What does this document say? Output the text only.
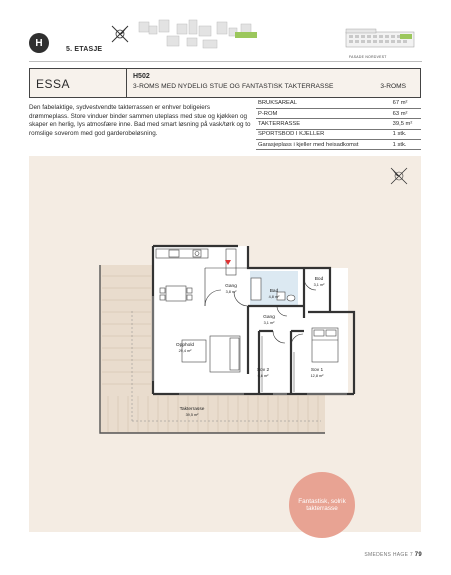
H
5. ETASJE
FASADE NORDVEST
ESSA
H502
3-ROMS MED NYDELIG STUE OG FANTASTISK TAKTERRASSE	3-ROMS

Den fabelaktige, sydvestvendte takterrassen er enhver boligeiers drømmeplass. Store vinduer binder sammen uteplass med stue og kjøkken og skaper en herlig, lys atmosfære inne. Bad med smart løsning på vask/tørk og to romslige soverom med god garderobeløsning.

BRUKSAREAL	67 m²
P-ROM	63 m²
TAKTERRASSE	39,5 m²
SPORTSBOD I KJELLER	1 stk.
Garasjeplass i kjeller med heisadkomst	1 stk.
Gang
3,8 m²	Bad
4,8 m²
Bod
3,1 m²
Gang
3,1 m²
Opphold
29,4 m²
Sov 2
6,6 m²
Sov 1
12,8 m²
Takterrasse
39,5 m²
Fantastisk, solrik takterrasse
SMEDENS HAGE 7 79
